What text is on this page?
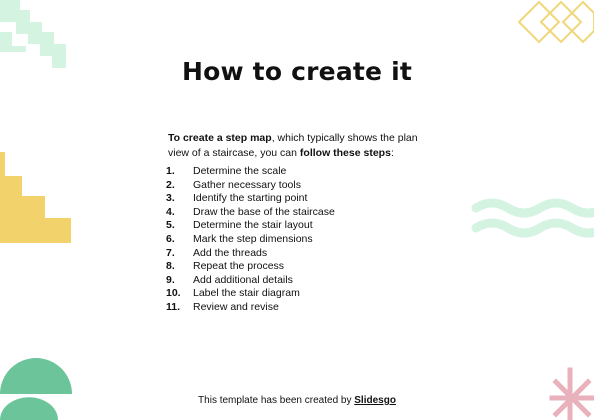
How to create it

To create a step map, which typically shows the plan view of a staircase, you can follow these steps:

1.	Determine the scale
2.	Gather necessary tools
3.	Identify the starting point
4.	Draw the base of the staircase
5.	Determine the stair layout
6.	Mark the step dimensions
7.	Add the threads
8.	Repeat the process
9.	Add additional details
10.	Label the stair diagram
11.	Review and revise
This template has been created by Slidesgo
